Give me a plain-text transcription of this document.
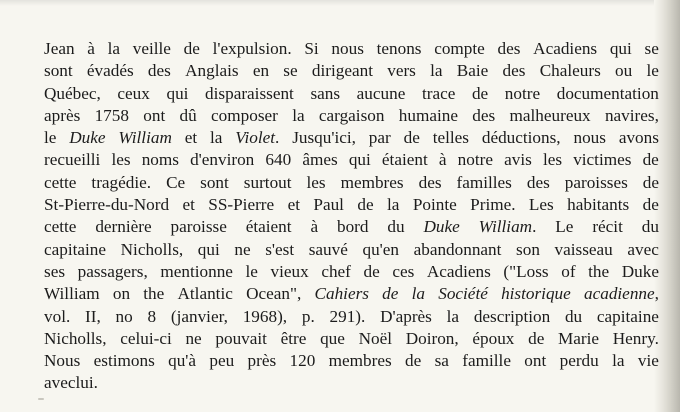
Jean à la veille de l'expulsion. Si nous tenons compte des Acadiens qui se
sont évadés des Anglais en se dirigeant vers la Baie des Chaleurs ou le
Québec, ceux qui disparaissent sans aucune trace de notre documentation
après 1758 ont dû composer la cargaison humaine des malheureux navires,
le Duke William et la Violet. Jusqu'ici, par de telles déductions, nous avons
recueilli les noms d'environ 640 âmes qui étaient à notre avis les victimes de
cette tragédie. Ce sont surtout les membres des familles des paroisses de
St-Pierre-du-Nord et SS-Pierre et Paul de la Pointe Prime. Les habitants de
cette dernière paroisse étaient à bord du Duke William. Le récit du
capitaine Nicholls, qui ne s'est sauvé qu'en abandonnant son vaisseau avec
ses passagers, mentionne le vieux chef de ces Acadiens ("Loss of the Duke
William on the Atlantic Ocean", Cahiers de la Société historique acadienne,
vol. II, no 8 (janvier, 1968), p. 291). D'après la description du capitaine
Nicholls, celui-ci ne pouvait être que Noël Doiron, époux de Marie Henry.
Nous estimons qu'à peu près 120 membres de sa famille ont perdu la vie
avec lui.
